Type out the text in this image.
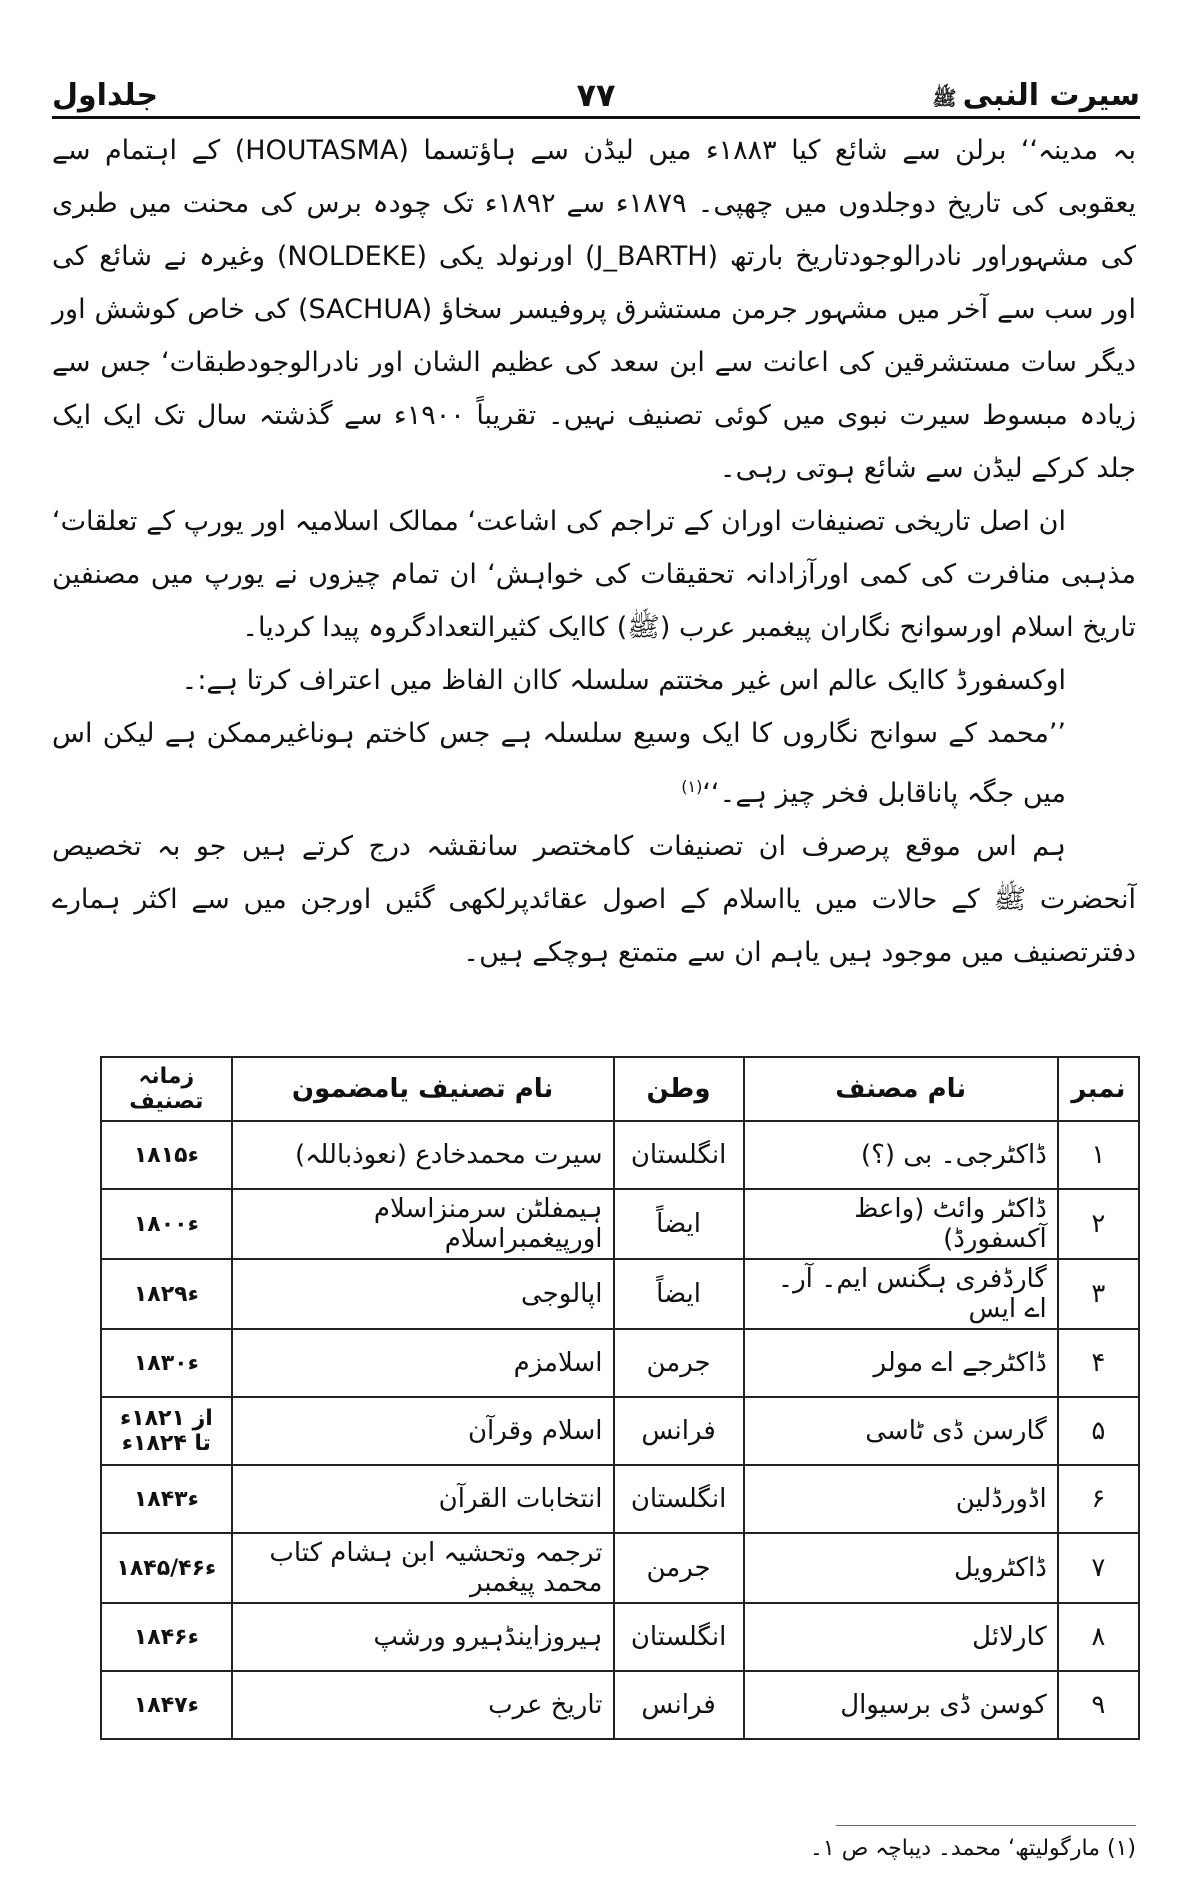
سیرت النبیﷺ
۷۷
جلداول

بہ مدینہ‘‘ برلن سے شائع کیا ۱۸۸۳ء میں لیڈن سے ہاؤتسما (HOUTASMA) کے اہتمام سے یعقوبی کی تاریخ دوجلدوں میں چھپی۔ ۱۸۷۹ء سے ۱۸۹۲ء تک چودہ برس کی محنت میں طبری کی مشہوراور نادرالوجودتاریخ بارتھ (J_BARTH) اورنولد یکی (NOLDEKE) وغیرہ نے شائع کی اور سب سے آخر میں مشہور جرمن مستشرق پروفیسر سخاؤ (SACHUA) کی خاص کوشش اور دیگر سات مستشرقین کی اعانت سے ابن سعد کی عظیم الشان اور نادرالوجودطبقات‘ جس سے زیادہ مبسوط سیرت نبوی میں کوئی تصنیف نہیں۔ تقریباً ۱۹۰۰ء سے گذشتہ سال تک ایک ایک جلد کرکے لیڈن سے شائع ہوتی رہی۔

ان اصل تاریخی تصنیفات اوران کے تراجم کی اشاعت‘ ممالک اسلامیہ اور یورپ کے تعلقات‘ مذہبی منافرت کی کمی اورآزادانہ تحقیقات کی خواہش‘ ان تمام چیزوں نے یورپ میں مصنفین تاریخ اسلام اورسوانح نگاران پیغمبر عرب (ﷺ) کاایک کثیرالتعدادگروہ پیدا کردیا۔

اوکسفورڈ کاایک عالم اس غیر مختتم سلسلہ کاان الفاظ میں اعتراف کرتا ہے:۔

’’محمد کے سوانح نگاروں کا ایک وسیع سلسلہ ہے جس کاختم ہوناغیرممکن ہے لیکن اس میں جگہ پاناقابل فخر چیز ہے۔‘‘$^{(۱)}$

ہم اس موقع پرصرف ان تصنیفات کامختصر سانقشہ درج کرتے ہیں جو بہ تخصیص آنحضرت ﷺ کے حالات میں یااسلام کے اصول عقائدپرلکھی گئیں اورجن میں سے اکثر ہمارے دفترتصنیف میں موجود ہیں یاہم ان سے متمتع ہوچکے ہیں۔

نمبر	نام مصنف	وطن	نام تصنیف یامضمون	زمانہ تصنیف
۱	ڈاکٹرجی۔ بی (؟)	انگلستان	سیرت محمدخادع (نعوذباللہ)	۱۸۱۵ء
۲	ڈاکٹر وائٹ (واعظ آکسفورڈ)	ایضاً	ہیمفلٹن سرمنزاسلام اورپیغمبراسلام	۱۸۰۰ء
۳	گارڈفری ہگنس ایم۔ آر۔ اے ایس	ایضاً	اپالوجی	۱۸۲۹ء
۴	ڈاکٹرجے اے مولر	جرمن	اسلامزم	۱۸۳۰ء
۵	گارسن ڈی ٹاسی	فرانس	اسلام وقرآن	از ۱۸۲۱ء تا ۱۸۲۴ء
۶	اڈورڈلین	انگلستان	انتخابات القرآن	۱۸۴۳ء
۷	ڈاکٹرویل	جرمن	ترجمہ وتحشیہ ابن ہشام کتاب محمد پیغمبر	۱۸۴۵/۴۶ء
۸	کارلائل	انگلستان	ہیروزاینڈہیرو ورشپ	۱۸۴۶ء
۹	کوسن ڈی برسیوال	فرانس	تاریخ عرب	۱۸۴۷ء
(۱) مارگولیتھ‘ محمد۔ دیباچہ ص ۱۔
